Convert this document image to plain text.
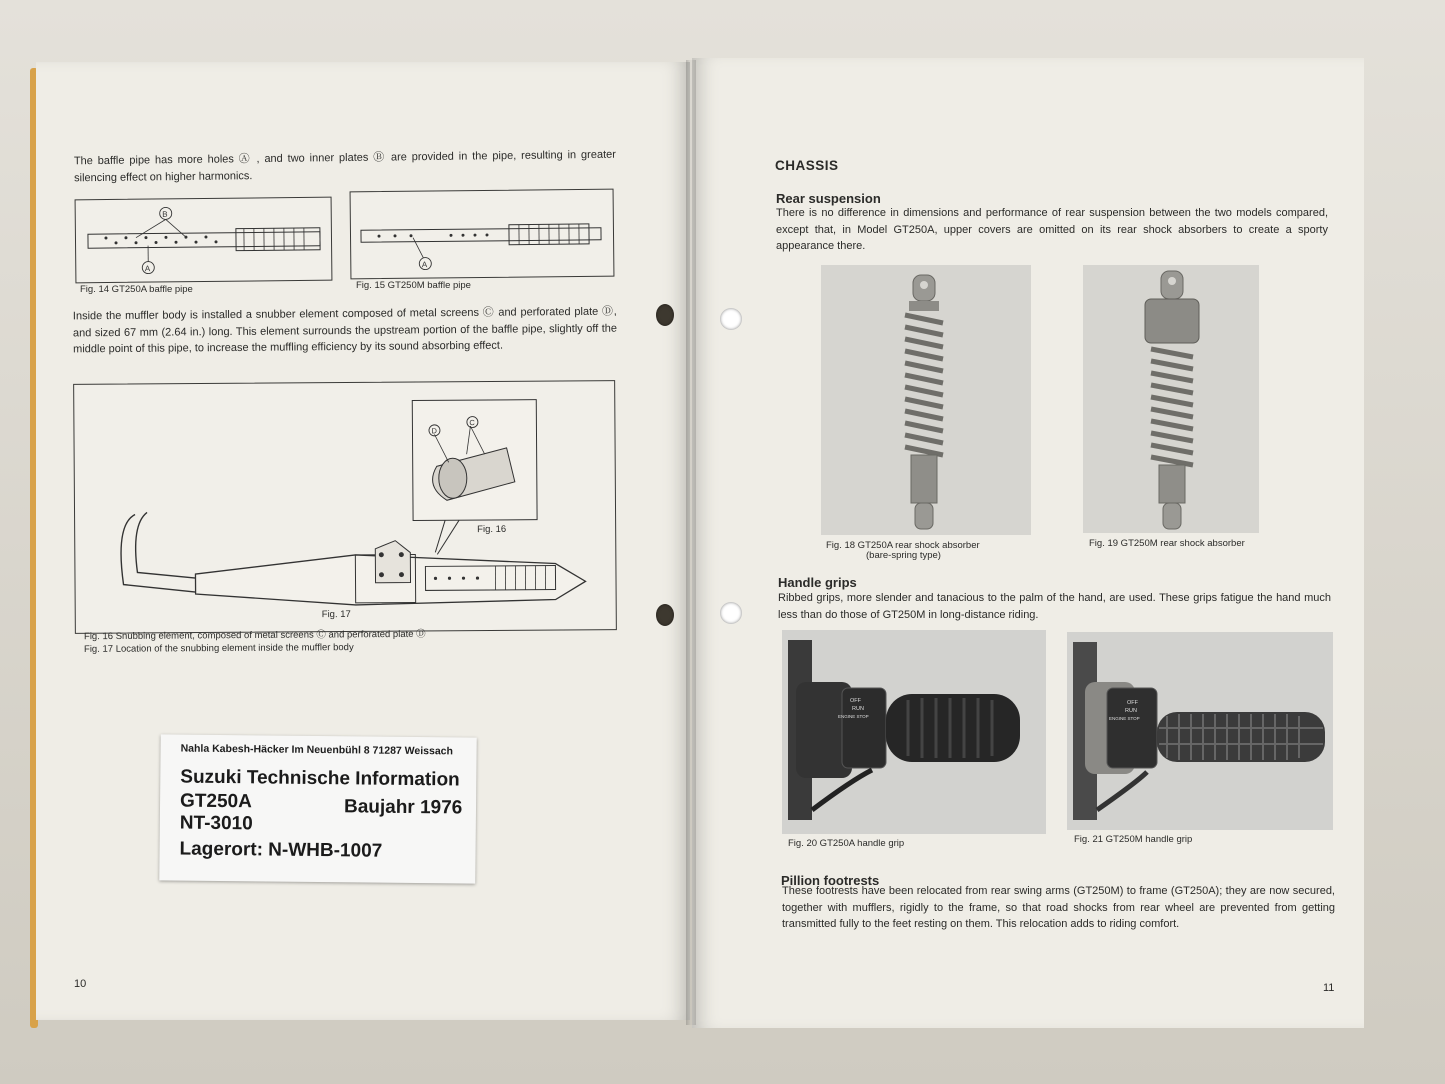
The baffle pipe has more holes Ⓐ , and two inner plates Ⓑ are provided in the pipe, resulting in greater silencing effect on higher harmonics.
B
A
Fig. 14 GT250A baffle pipe
A
Fig. 15 GT250M baffle pipe
Inside the muffler body is installed a snubber element composed of metal screens Ⓒ and perforated plate Ⓓ, and sized 67 mm (2.64 in.) long. This element surrounds the upstream portion of the baffle pipe, slightly off the middle point of this pipe, to increase the muffling efficiency by its sound absorbing effect.
D
C
Fig. 16
Fig. 17
Fig. 16 Snubbing element, composed of metal screens Ⓒ and perforated plate Ⓓ
Fig. 17 Location of the snubbing element inside the muffler body
10
Nahla Kabesh-Häcker Im Neuenbühl 8 71287 Weissach
Suzuki Technische Information
GT250A	Baujahr 1976
NT-3010
Lagerort: N-WHB-1007
CHASSIS
Rear suspension
There is no difference in dimensions and performance of rear suspension between the two models compared, except that, in Model GT250A, upper covers are omitted on its rear shock absorbers to create a sporty appearance there.
Fig. 18 GT250A rear shock absorber
(bare-spring type)
Fig. 19 GT250M rear shock absorber
Handle grips
Ribbed grips, more slender and tanacious to the palm of the hand, are used. These grips fatigue the hand much less than do those of GT250M in long-distance riding.
OFF
RUN
ENGINE STOP
Fig. 20 GT250A handle grip
OFF
RUN
ENGINE STOP
Fig. 21 GT250M handle grip
Pillion footrests
These footrests have been relocated from rear swing arms (GT250M) to frame (GT250A); they are now secured, together with mufflers, rigidly to the frame, so that road shocks from rear wheel are prevented from getting transmitted fully to the feet resting on them. This relocation adds to riding comfort.
11
